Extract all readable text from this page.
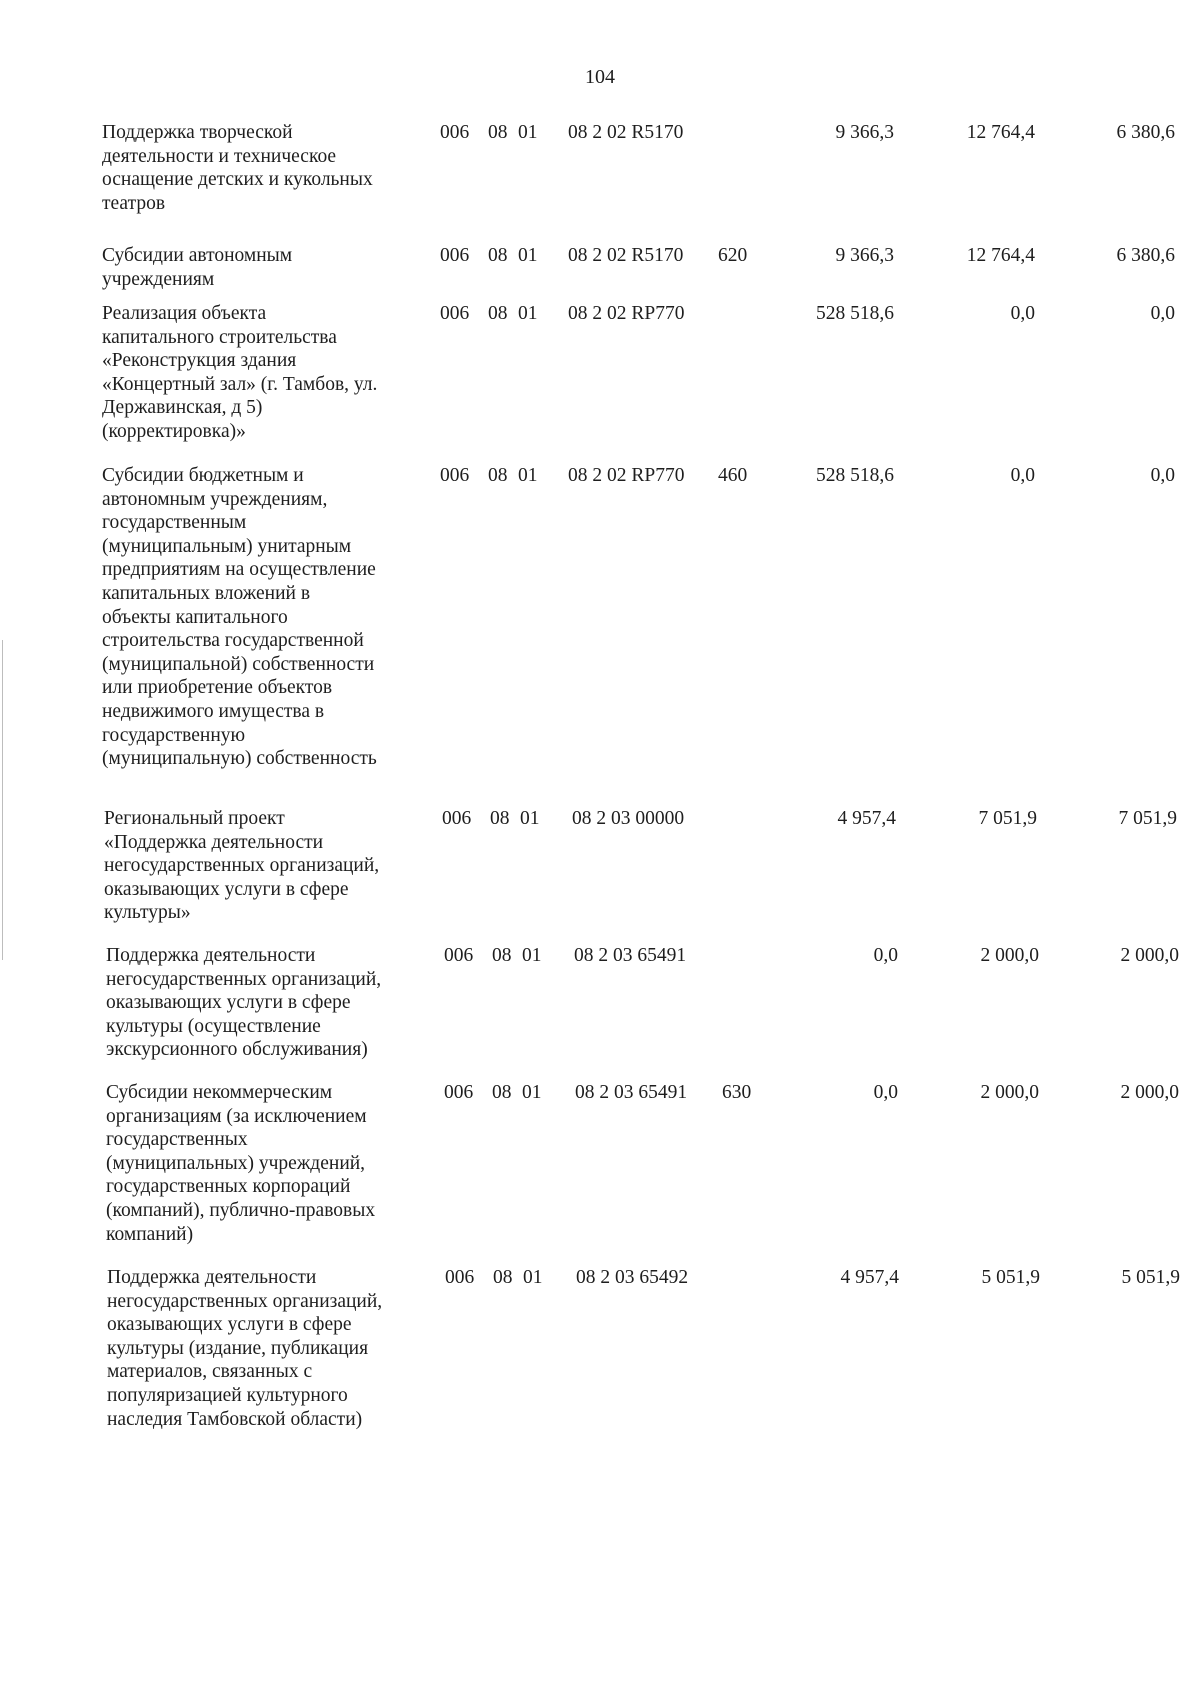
104
Поддержка творческой
деятельности и техническое
оснащение детских и кукольных
театров
006 08 01 08 2 02 R5170	9 366,3	12 764,4	6 380,6
Субсидии автономным
учреждениям
006 08 01 08 2 02 R5170 620	9 366,3	12 764,4	6 380,6
Реализация объекта
капитального строительства
«Реконструкция здания
«Концертный зал» (г. Тамбов, ул.
Державинская, д 5)
(корректировка)»
006 08 01 08 2 02 RP770	528 518,6	0,0	0,0
Субсидии бюджетным и
автономным учреждениям,
государственным
(муниципальным) унитарным
предприятиям на осуществление
капитальных вложений в
объекты капитального
строительства государственной
(муниципальной) собственности
или приобретение объектов
недвижимого имущества в
государственную
(муниципальную) собственность
006 08 01 08 2 02 RP770 460	528 518,6	0,0	0,0
Региональный проект
«Поддержка деятельности
негосударственных организаций,
оказывающих услуги в сфере
культуры»
006 08 01 08 2 03 00000	4 957,4	7 051,9	7 051,9
Поддержка деятельности
негосударственных организаций,
оказывающих услуги в сфере
культуры (осуществление
экскурсионного обслуживания)
006 08 01 08 2 03 65491	0,0	2 000,0	2 000,0
Субсидии некоммерческим
организациям (за исключением
государственных
(муниципальных) учреждений,
государственных корпораций
(компаний), публично-правовых
компаний)
006 08 01 08 2 03 65491 630	0,0	2 000,0	2 000,0
Поддержка деятельности
негосударственных организаций,
оказывающих услуги в сфере
культуры (издание, публикация
материалов, связанных с
популяризацией культурного
наследия Тамбовской области)
006 08 01 08 2 03 65492	4 957,4	5 051,9	5 051,9
